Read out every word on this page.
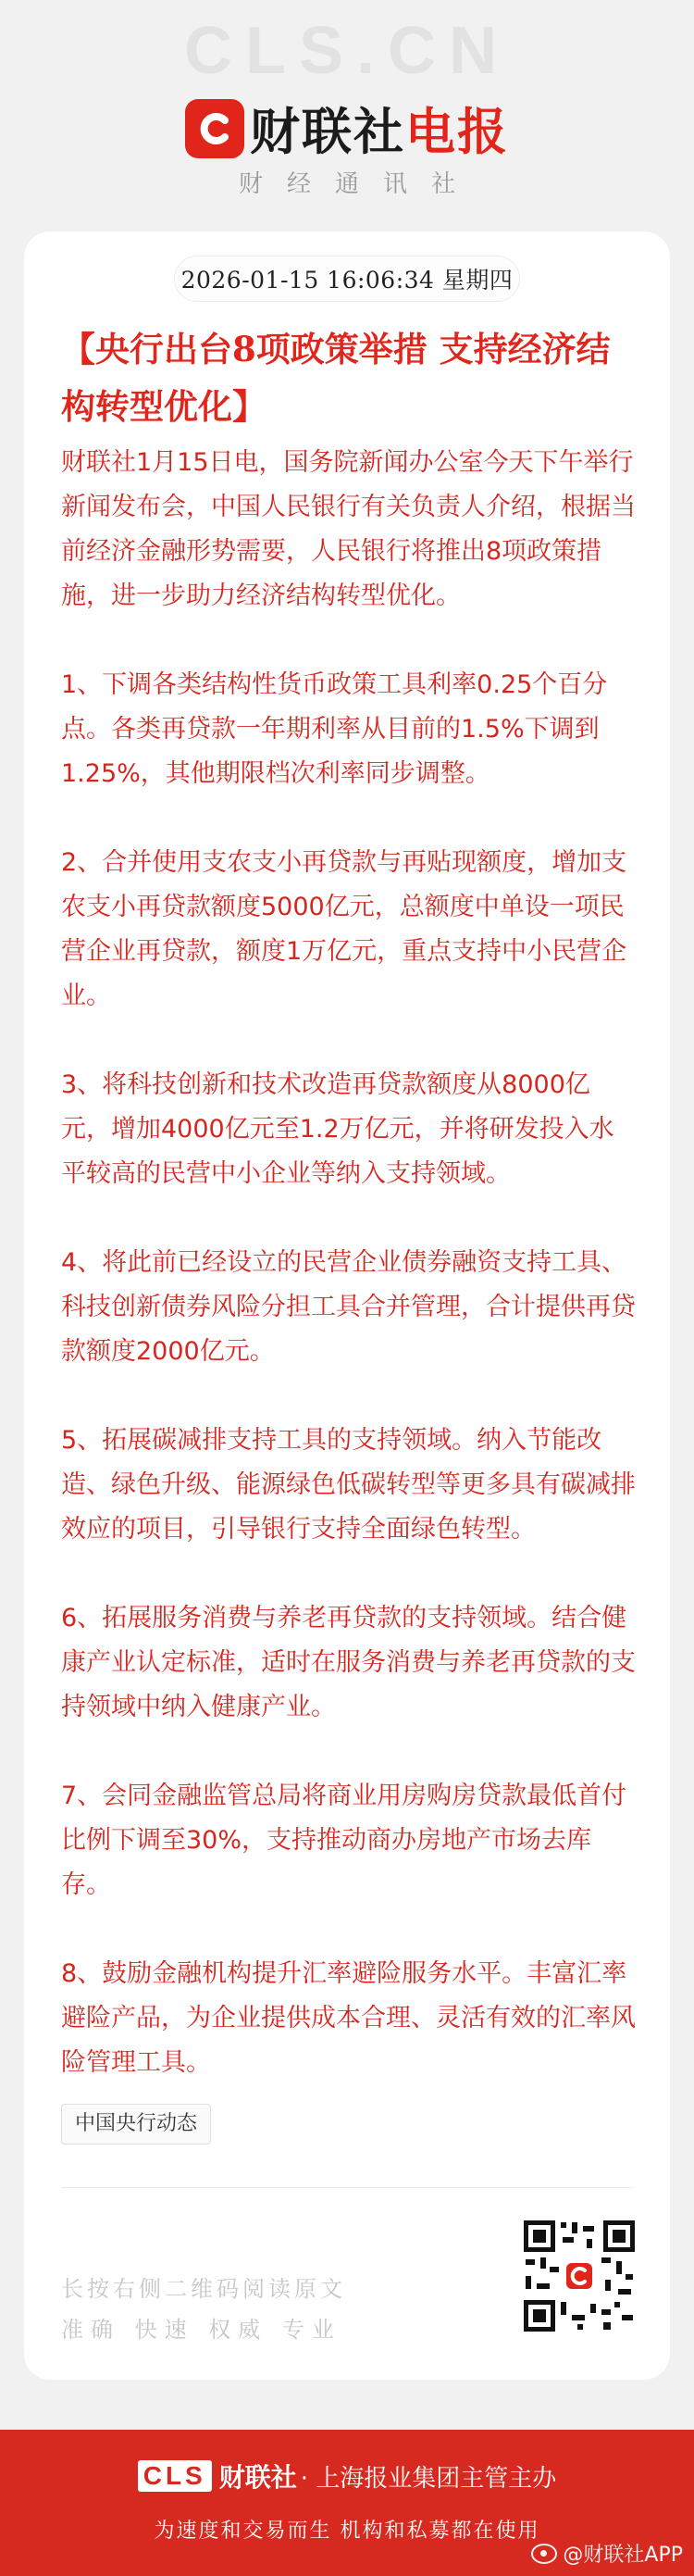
CLS.CN
财联社 电报
财经通讯社
2026-01-15 16:06:34 星期四
【央行出台8项政策举措 支持经济结构转型优化】

财联社1月15日电，国务院新闻办公室今天下午举行新闻发布会，中国人民银行有关负责人介绍，根据当前经济金融形势需要，人民银行将推出8项政策措施，进一步助力经济结构转型优化。

1、下调各类结构性货币政策工具利率0.25个百分点。各类再贷款一年期利率从目前的1.5%下调到1.25%，其他期限档次利率同步调整。

2、合并使用支农支小再贷款与再贴现额度，增加支农支小再贷款额度5000亿元，总额度中单设一项民营企业再贷款，额度1万亿元，重点支持中小民营企业。

3、将科技创新和技术改造再贷款额度从8000亿元，增加4000亿元至1.2万亿元，并将研发投入水平较高的民营中小企业等纳入支持领域。

4、将此前已经设立的民营企业债券融资支持工具、科技创新债券风险分担工具合并管理，合计提供再贷款额度2000亿元。

5、拓展碳减排支持工具的支持领域。纳入节能改造、绿色升级、能源绿色低碳转型等更多具有碳减排效应的项目，引导银行支持全面绿色转型。

6、拓展服务消费与养老再贷款的支持领域。结合健康产业认定标准，适时在服务消费与养老再贷款的支持领域中纳入健康产业。

7、会同金融监管总局将商业用房购房贷款最低首付比例下调至30%，支持推动商办房地产市场去库存。

8、鼓励金融机构提升汇率避险服务水平。丰富汇率避险产品，为企业提供成本合理、灵活有效的汇率风险管理工具。

中国央行动态
长按右侧二维码阅读原文
准确 快速 权威 专业
CLS 财联社 · 上海报业集团主管主办
为速度和交易而生 机构和私募都在使用
@财联社APP
